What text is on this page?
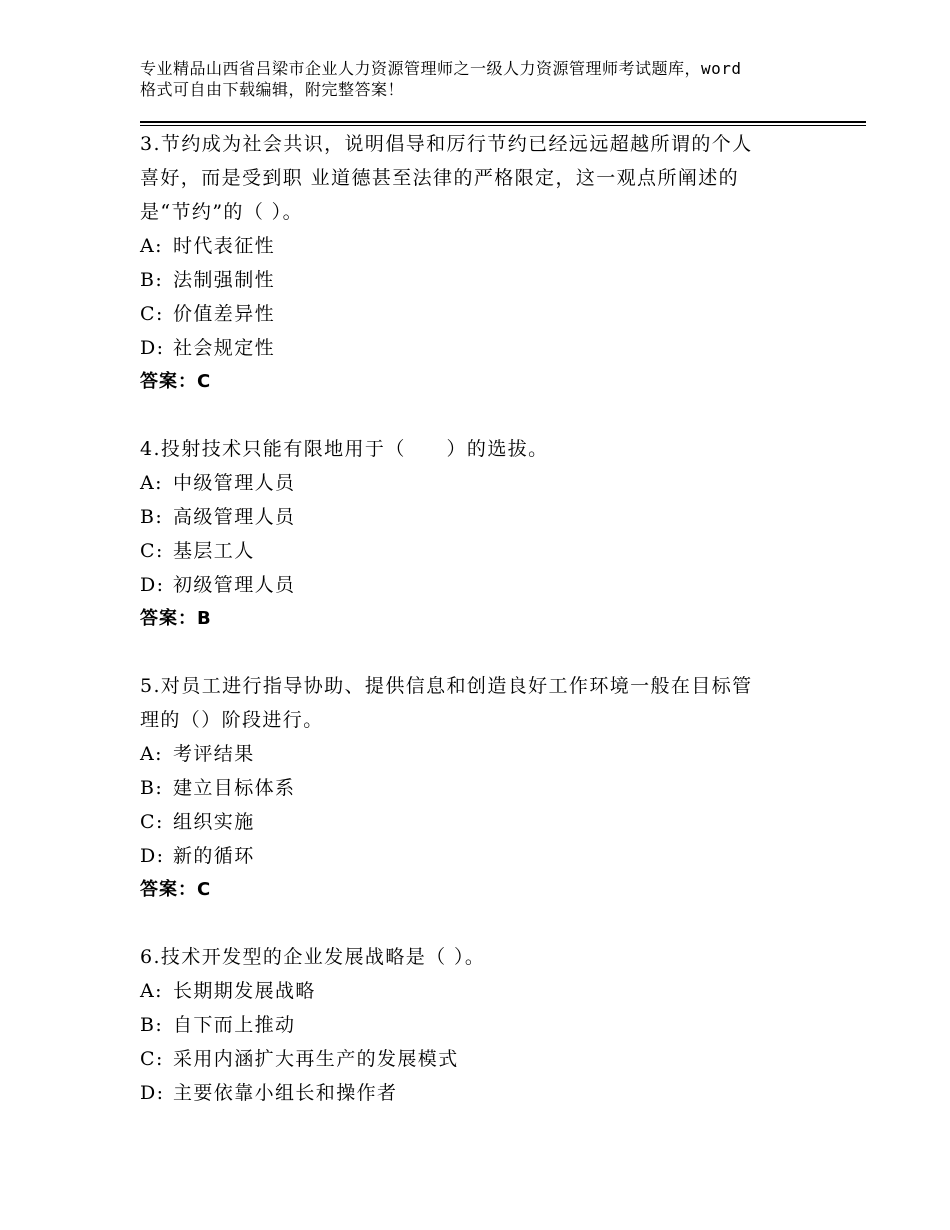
专业精品山西省吕梁市企业人力资源管理师之一级人力资源管理师考试题库，word
格式可自由下载编辑，附完整答案！

3.节约成为社会共识，说明倡导和厉行节约已经远远超越所谓的个人

喜好，而是受到职 业道德甚至法律的严格限定，这一观点所阐述的

是“节约”的（ ）。

A: 时代表征性

B: 法制强制性

C: 价值差异性

D: 社会规定性

答案：C

4.投射技术只能有限地用于（　　）的选拔。

A: 中级管理人员

B: 高级管理人员

C: 基层工人

D: 初级管理人员

答案：B

5.对员工进行指导协助、提供信息和创造良好工作环境一般在目标管

理的（）阶段进行。

A: 考评结果

B: 建立目标体系

C: 组织实施

D: 新的循环

答案：C

6.技术开发型的企业发展战略是（ ）。

A: 长期期发展战略

B: 自下而上推动

C: 采用内涵扩大再生产的发展模式

D: 主要依靠小组长和操作者
